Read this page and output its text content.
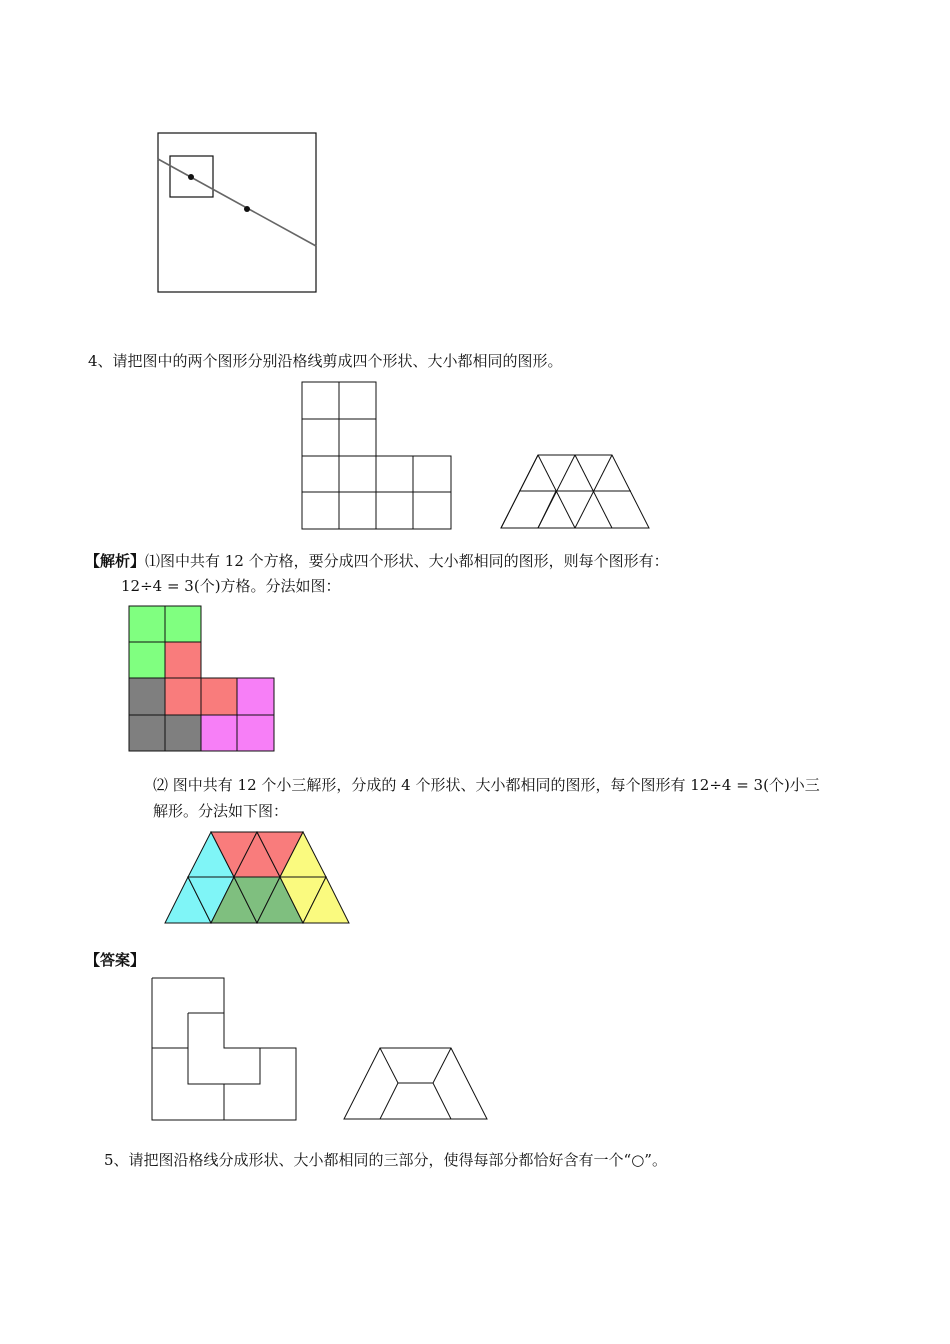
4、请把图中的两个图形分别沿格线剪成四个形状、大小都相同的图形。
【解析】⑴图中共有 12 个方格，要分成四个形状、大小都相同的图形，则每个图形有：
12÷4 = 3(个)方格。分法如图：
⑵ 图中共有 12 个小三解形，分成的 4 个形状、大小都相同的图形，每个图形有 12÷4 = 3(个)小三
解形。分法如下图：
【答案】
5、请把图沿格线分成形状、大小都相同的三部分，使得每部分都恰好含有一个“○”。
